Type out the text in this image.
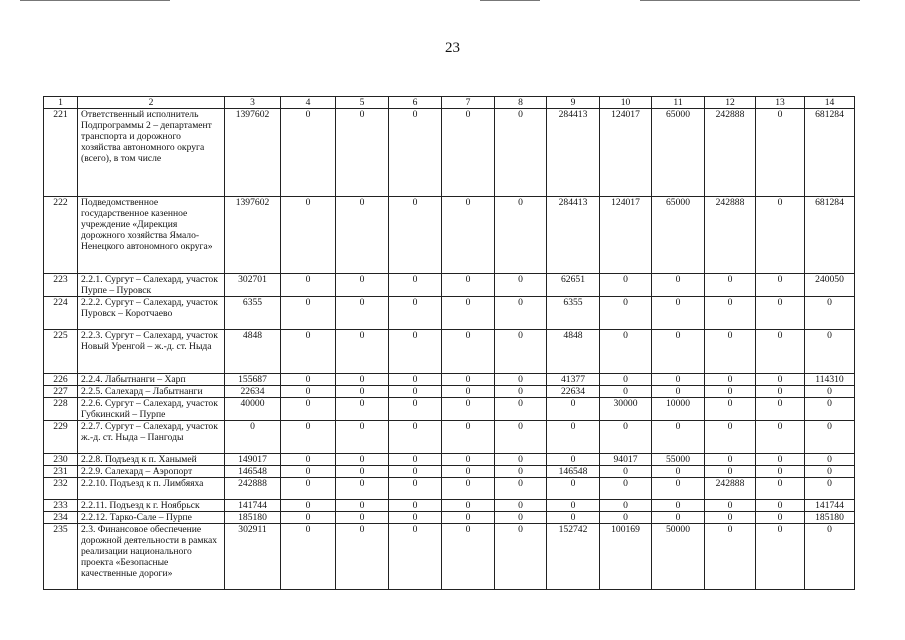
23
1	2	3	4	5	6	7	8	9	10	11	12	13	14
221	Ответственный исполнитель Подпрограммы 2 – департамент транспорта и дорожного хозяйства автономного округа (всего), в том числе	1397602	0	0	0	0	0	284413	124017	65000	242888	0	681284
222	Подведомственное государственное казенное учреждение «Дирекция дорожного хозяйства Ямало-Ненецкого автономного округа»	1397602	0	0	0	0	0	284413	124017	65000	242888	0	681284
223	2.2.1. Сургут – Салехард, участок Пурпе – Пуровск	302701	0	0	0	0	0	62651	0	0	0	0	240050
224	2.2.2. Сургут – Салехард, участок Пуровск – Коротчаево	6355	0	0	0	0	0	6355	0	0	0	0	0
225	2.2.3. Сургут – Салехард, участок Новый Уренгой – ж.-д. ст. Ныда	4848	0	0	0	0	0	4848	0	0	0	0	0
226	2.2.4. Лабытнанги – Харп	155687	0	0	0	0	0	41377	0	0	0	0	114310
227	2.2.5. Салехард – Лабытнанги	22634	0	0	0	0	0	22634	0	0	0	0	0
228	2.2.6. Сургут – Салехард, участок Губкинский – Пурпе	40000	0	0	0	0	0	0	30000	10000	0	0	0
229	2.2.7. Сургут – Салехард, участок ж.-д. ст. Ныда – Пангоды	0	0	0	0	0	0	0	0	0	0	0	0
230	2.2.8. Подъезд к п. Ханымей	149017	0	0	0	0	0	0	94017	55000	0	0	0
231	2.2.9. Салехард – Аэропорт	146548	0	0	0	0	0	146548	0	0	0	0	0
232	2.2.10. Подъезд к п. Лимбяяха	242888	0	0	0	0	0	0	0	0	242888	0	0
233	2.2.11. Подъезд к г. Ноябрьск	141744	0	0	0	0	0	0	0	0	0	0	141744
234	2.2.12. Тарко-Сале – Пурпе	185180	0	0	0	0	0	0	0	0	0	0	185180
235	2.3. Финансовое обеспечение дорожной деятельности в рамках реализации национального проекта «Безопасные качественные дороги»	302911	0	0	0	0	0	152742	100169	50000	0	0	0
